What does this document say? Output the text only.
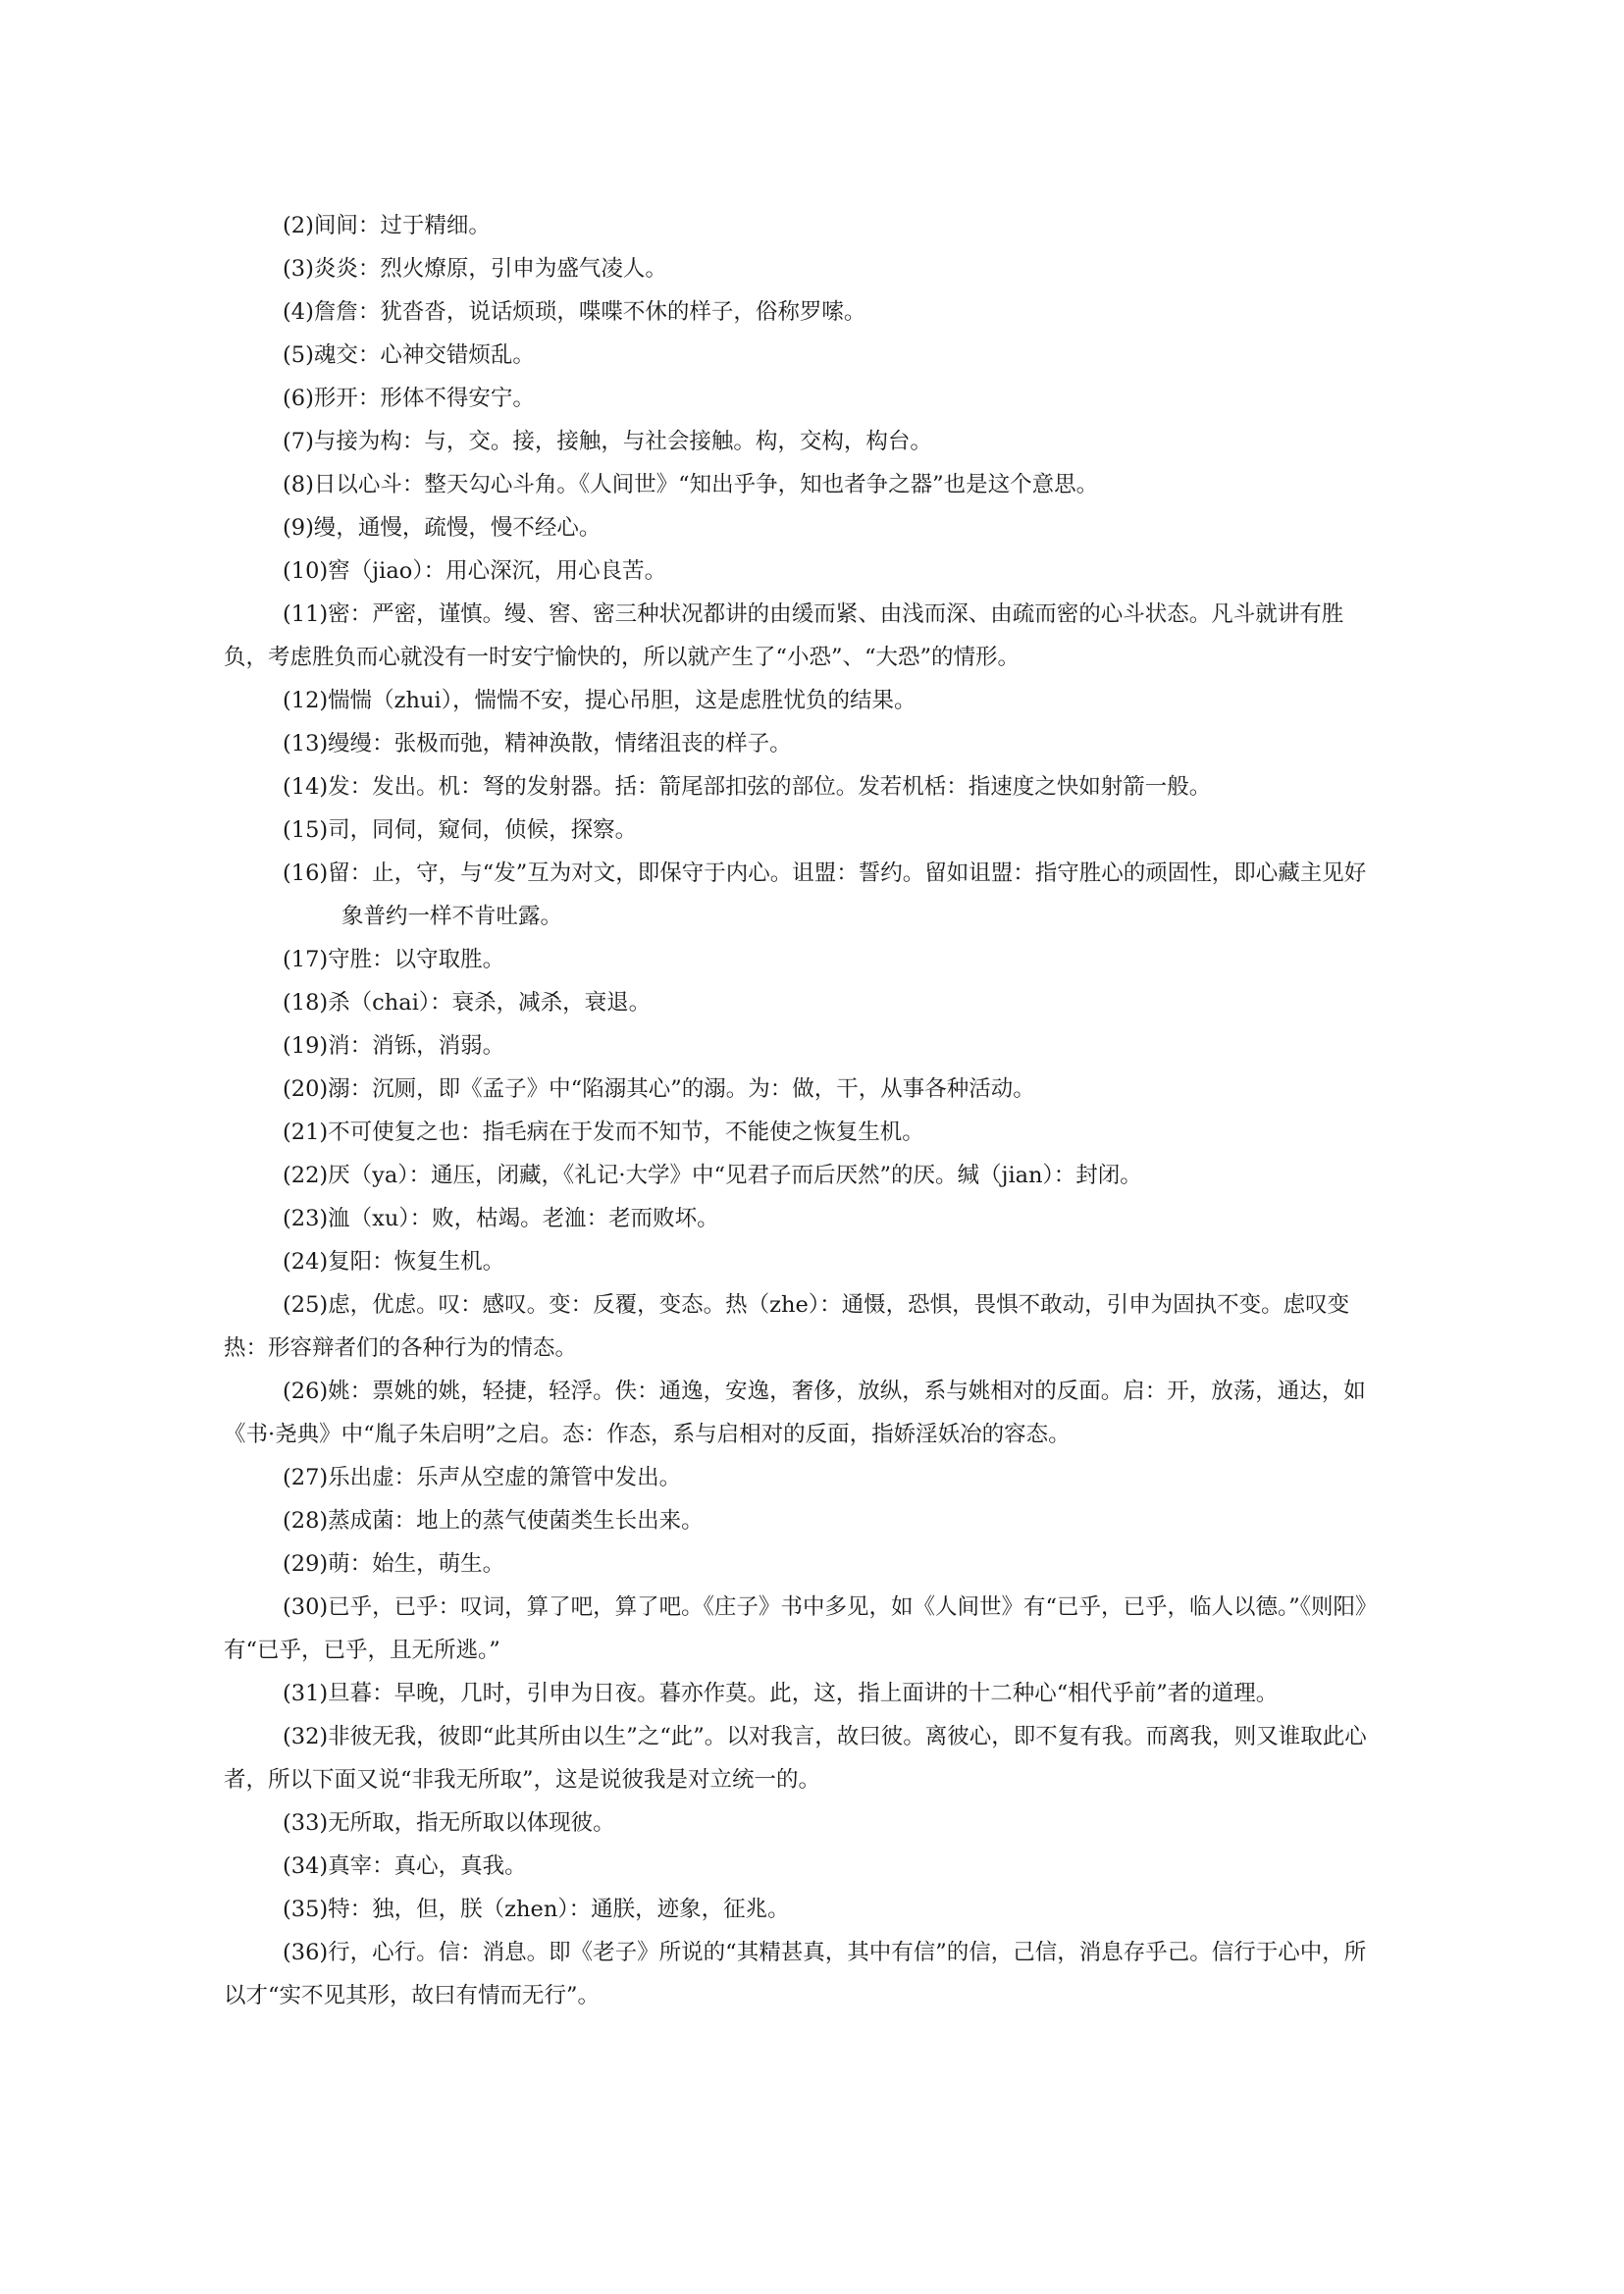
(2)间间：过于精细。

(3)炎炎：烈火燎原，引申为盛气凌人。

(4)詹詹：犹沓沓，说话烦琐，喋喋不休的样子，俗称罗嗦。

(5)魂交：心神交错烦乱。

(6)形开：形体不得安宁。

(7)与接为构：与，交。接，接触，与社会接触。构，交构，构台。

(8)日以心斗：整天勾心斗角。《人间世》“知出乎争，知也者争之器”也是这个意思。

(9)缦，通慢，疏慢，慢不经心。

(10)窖（jiao）：用心深沉，用心良苦。

(11)密：严密，谨慎。缦、窖、密三种状况都讲的由缓而紧、由浅而深、由疏而密的心斗状态。凡斗就讲有胜负，考虑胜负而心就没有一时安宁愉快的，所以就产生了“小恐”、“大恐”的情形。

(12)惴惴（zhui），惴惴不安，提心吊胆，这是虑胜忧负的结果。

(13)缦缦：张极而弛，精神涣散，情绪沮丧的样子。

(14)发：发出。机：弩的发射器。括：箭尾部扣弦的部位。发若机栝：指速度之快如射箭一般。

(15)司，同伺，窥伺，侦候，探察。

(16)留：止，守，与“发”互为对文，即保守于内心。诅盟：誓约。留如诅盟：指守胜心的顽固性，即心藏主见好象普约一样不肯吐露。

(17)守胜：以守取胜。

(18)杀（chai）：衰杀，减杀，衰退。

(19)消：消铄，消弱。

(20)溺：沉厕，即《孟子》中“陷溺其心”的溺。为：做，干，从事各种活动。

(21)不可使复之也：指毛病在于发而不知节，不能使之恢复生机。

(22)厌（ya）：通压，闭藏，《礼记·大学》中“见君子而后厌然”的厌。缄（jian）：封闭。

(23)洫（xu）：败，枯竭。老洫：老而败坏。

(24)复阳：恢复生机。

(25)虑，优虑。叹：感叹。变：反覆，变态。热（zhe）：通慑，恐惧，畏惧不敢动，引申为固执不变。虑叹变热：形容辩者们的各种行为的情态。

(26)姚：票姚的姚，轻捷，轻浮。佚：通逸，安逸，奢侈，放纵，系与姚相对的反面。启：开，放荡，通达，如《书·尧典》中“胤子朱启明”之启。态：作态，系与启相对的反面，指娇淫妖冶的容态。

(27)乐出虚：乐声从空虚的箫管中发出。

(28)蒸成菌：地上的蒸气使菌类生长出来。

(29)萌：始生，萌生。

(30)已乎，已乎：叹词，算了吧，算了吧。《庄子》书中多见，如《人间世》有“已乎，已乎，临人以德。”《则阳》有“已乎，已乎，且无所逃。”

(31)旦暮：早晚，几时，引申为日夜。暮亦作莫。此，这，指上面讲的十二种心“相代乎前”者的道理。

(32)非彼无我，彼即“此其所由以生”之“此”。以对我言，故曰彼。离彼心，即不复有我。而离我，则又谁取此心者，所以下面又说“非我无所取”，这是说彼我是对立统一的。

(33)无所取，指无所取以体现彼。

(34)真宰：真心，真我。

(35)特：独，但，朕（zhen）：通朕，迹象，征兆。

(36)行，心行。信：消息。即《老子》所说的“其精甚真，其中有信”的信，己信，消息存乎己。信行于心中，所以才“实不见其形，故曰有情而无行”。
